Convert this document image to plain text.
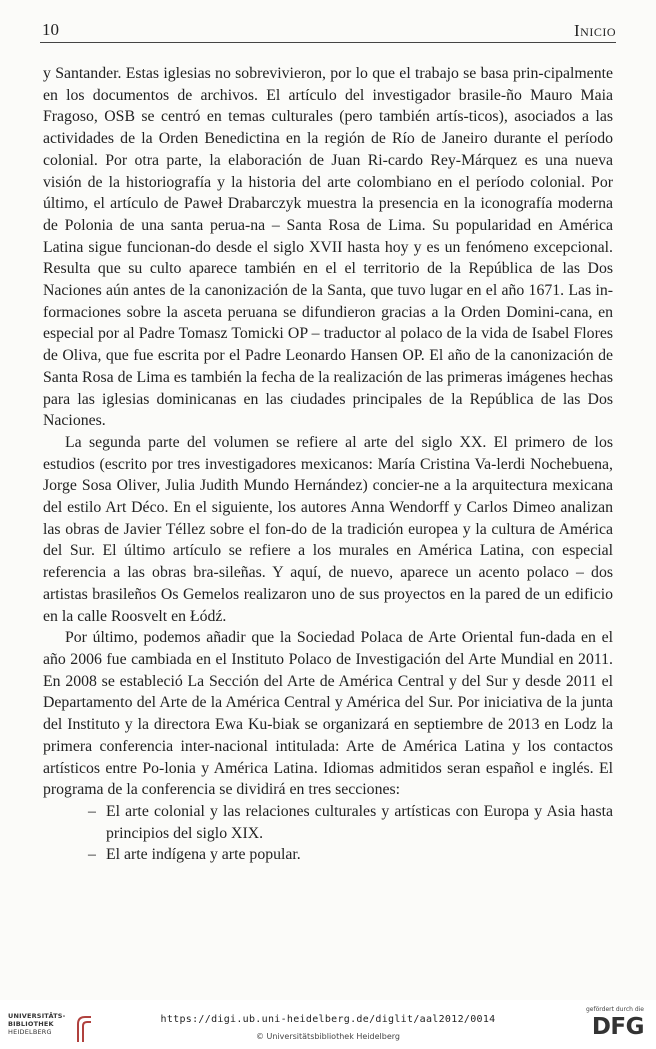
10	Inicio

y Santander. Estas iglesias no sobrevivieron, por lo que el trabajo se basa prin-cipalmente en los documentos de archivos. El artículo del investigador brasile-ño Mauro Maia Fragoso, OSB se centró en temas culturales (pero también artís-ticos), asociados a las actividades de la Orden Benedictina en la región de Río de Janeiro durante el período colonial. Por otra parte, la elaboración de Juan Ri-cardo Rey-Márquez es una nueva visión de la historiografía y la historia del arte colombiano en el período colonial. Por último, el artículo de Paweł Drabarczyk muestra la presencia en la iconografía moderna de Polonia de una santa perua-na – Santa Rosa de Lima. Su popularidad en América Latina sigue funcionan-do desde el siglo XVII hasta hoy y es un fenómeno excepcional. Resulta que su culto aparece también en el el territorio de la República de las Dos Naciones aún antes de la canonización de la Santa, que tuvo lugar en el año 1671. Las in-formaciones sobre la asceta peruana se difundieron gracias a la Orden Domini-cana, en especial por al Padre Tomasz Tomicki OP – traductor al polaco de la vida de Isabel Flores de Oliva, que fue escrita por el Padre Leonardo Hansen OP. El año de la canonización de Santa Rosa de Lima es también la fecha de la realización de las primeras imágenes hechas para las iglesias dominicanas en las ciudades principales de la República de las Dos Naciones.

La segunda parte del volumen se refiere al arte del siglo XX. El primero de los estudios (escrito por tres investigadores mexicanos: María Cristina Va-lerdi Nochebuena, Jorge Sosa Oliver, Julia Judith Mundo Hernández) concier-ne a la arquitectura mexicana del estilo Art Déco. En el siguiente, los autores Anna Wendorff y Carlos Dimeo analizan las obras de Javier Téllez sobre el fon-do de la tradición europea y la cultura de América del Sur. El último artículo se refiere a los murales en América Latina, con especial referencia a las obras bra-sileñas. Y aquí, de nuevo, aparece un acento polaco – dos artistas brasileños Os Gemelos realizaron uno de sus proyectos en la pared de un edificio en la calle Roosvelt en Łódź.

Por último, podemos añadir que la Sociedad Polaca de Arte Oriental fun-dada en el año 2006 fue cambiada en el Instituto Polaco de Investigación del Arte Mundial en 2011. En 2008 se estableció La Sección del Arte de América Central y del Sur y desde 2011 el Departamento del Arte de la América Central y América del Sur. Por iniciativa de la junta del Instituto y la directora Ewa Ku-biak se organizará en septiembre de 2013 en Lodz la primera conferencia inter-nacional intitulada: Arte de América Latina y los contactos artísticos entre Po-lonia y América Latina. Idiomas admitidos seran español e inglés. El programa de la conferencia se dividirá en tres secciones:

– El arte colonial y las relaciones culturales y artísticas con Europa y Asia hasta principios del siglo XIX.
– El arte indígena y arte popular.
UNIVERSITÄTS-
BIBLIOTHEK
HEIDELBERG
https://digi.ub.uni-heidelberg.de/diglit/aal2012/0014
© Universitätsbibliothek Heidelberg
gefördert durch die
DFG
